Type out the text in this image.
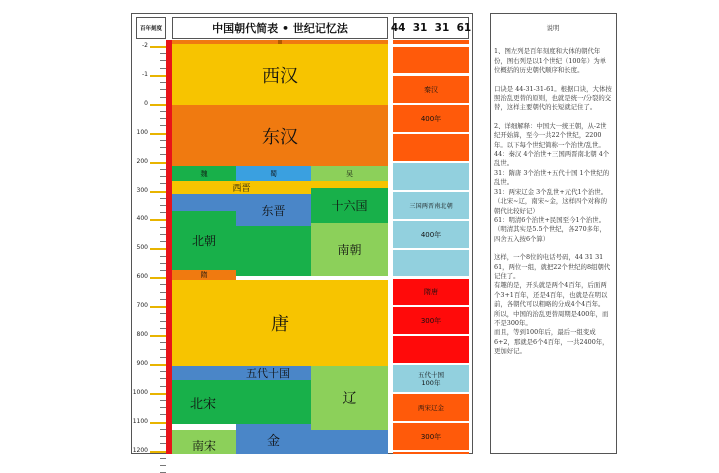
百年刻度
-2
-1
0
100
200
300
400
500
600
700
800
900
1000
1100
1200
中国朝代简表 • 世纪记忆法	44  31  31  61
西汉
东汉
魏	蜀	吴
西晋
东晋	十六国
北朝
南朝
隋
唐
五代十国
辽
北宋
金
南宋
秦汉
400年
三国两晋南北朝
400年
隋唐
300年
五代十国
100年
两宋辽金
300年

说明

1、图左列是百年刻度和大体的朝代年份，图右列是以1个世纪（100年）为单位概括的历史朝代顺序和长度。

口诀是 44-31-31-61。根据口诀，大体按照治乱更替的原则，也就是统一/分裂的交替，这样主要朝代的长短就记住了。

2、详细解释：中国大一统王朝，从-2世纪开始算，至今一共22个世纪，2200年。以下每个世纪简称一个治世/乱世。
44：秦汉 4个治世+三国两晋南北朝 4个乱世。
31：隋唐 3个治世+五代十国 1个世纪的乱世。
31：两宋辽金 3个乱世+元代1个治世。（北宋~辽，南宋~金，这样四个对称的朝代比较好记）
61：明清6个治世+民国至今1个治世。（明清其实是5.5个世纪，各270多年，四舍五入按6个算）

这样，一个8位的电话号码，44 31 31 61，两位一组，就把22个世纪的8组朝代记住了。
有趣的是，开头就是两个4百年，后面两个3+1百年，还是4百年，也就是在明以前，各朝代可以粗略的分成4个4百年。
所以，中国的治乱更替周期是400年，而不是300年。
而且，等到100年后，最后一组变成6+2，那就是6个4百年，一共2400年，更加好记。
